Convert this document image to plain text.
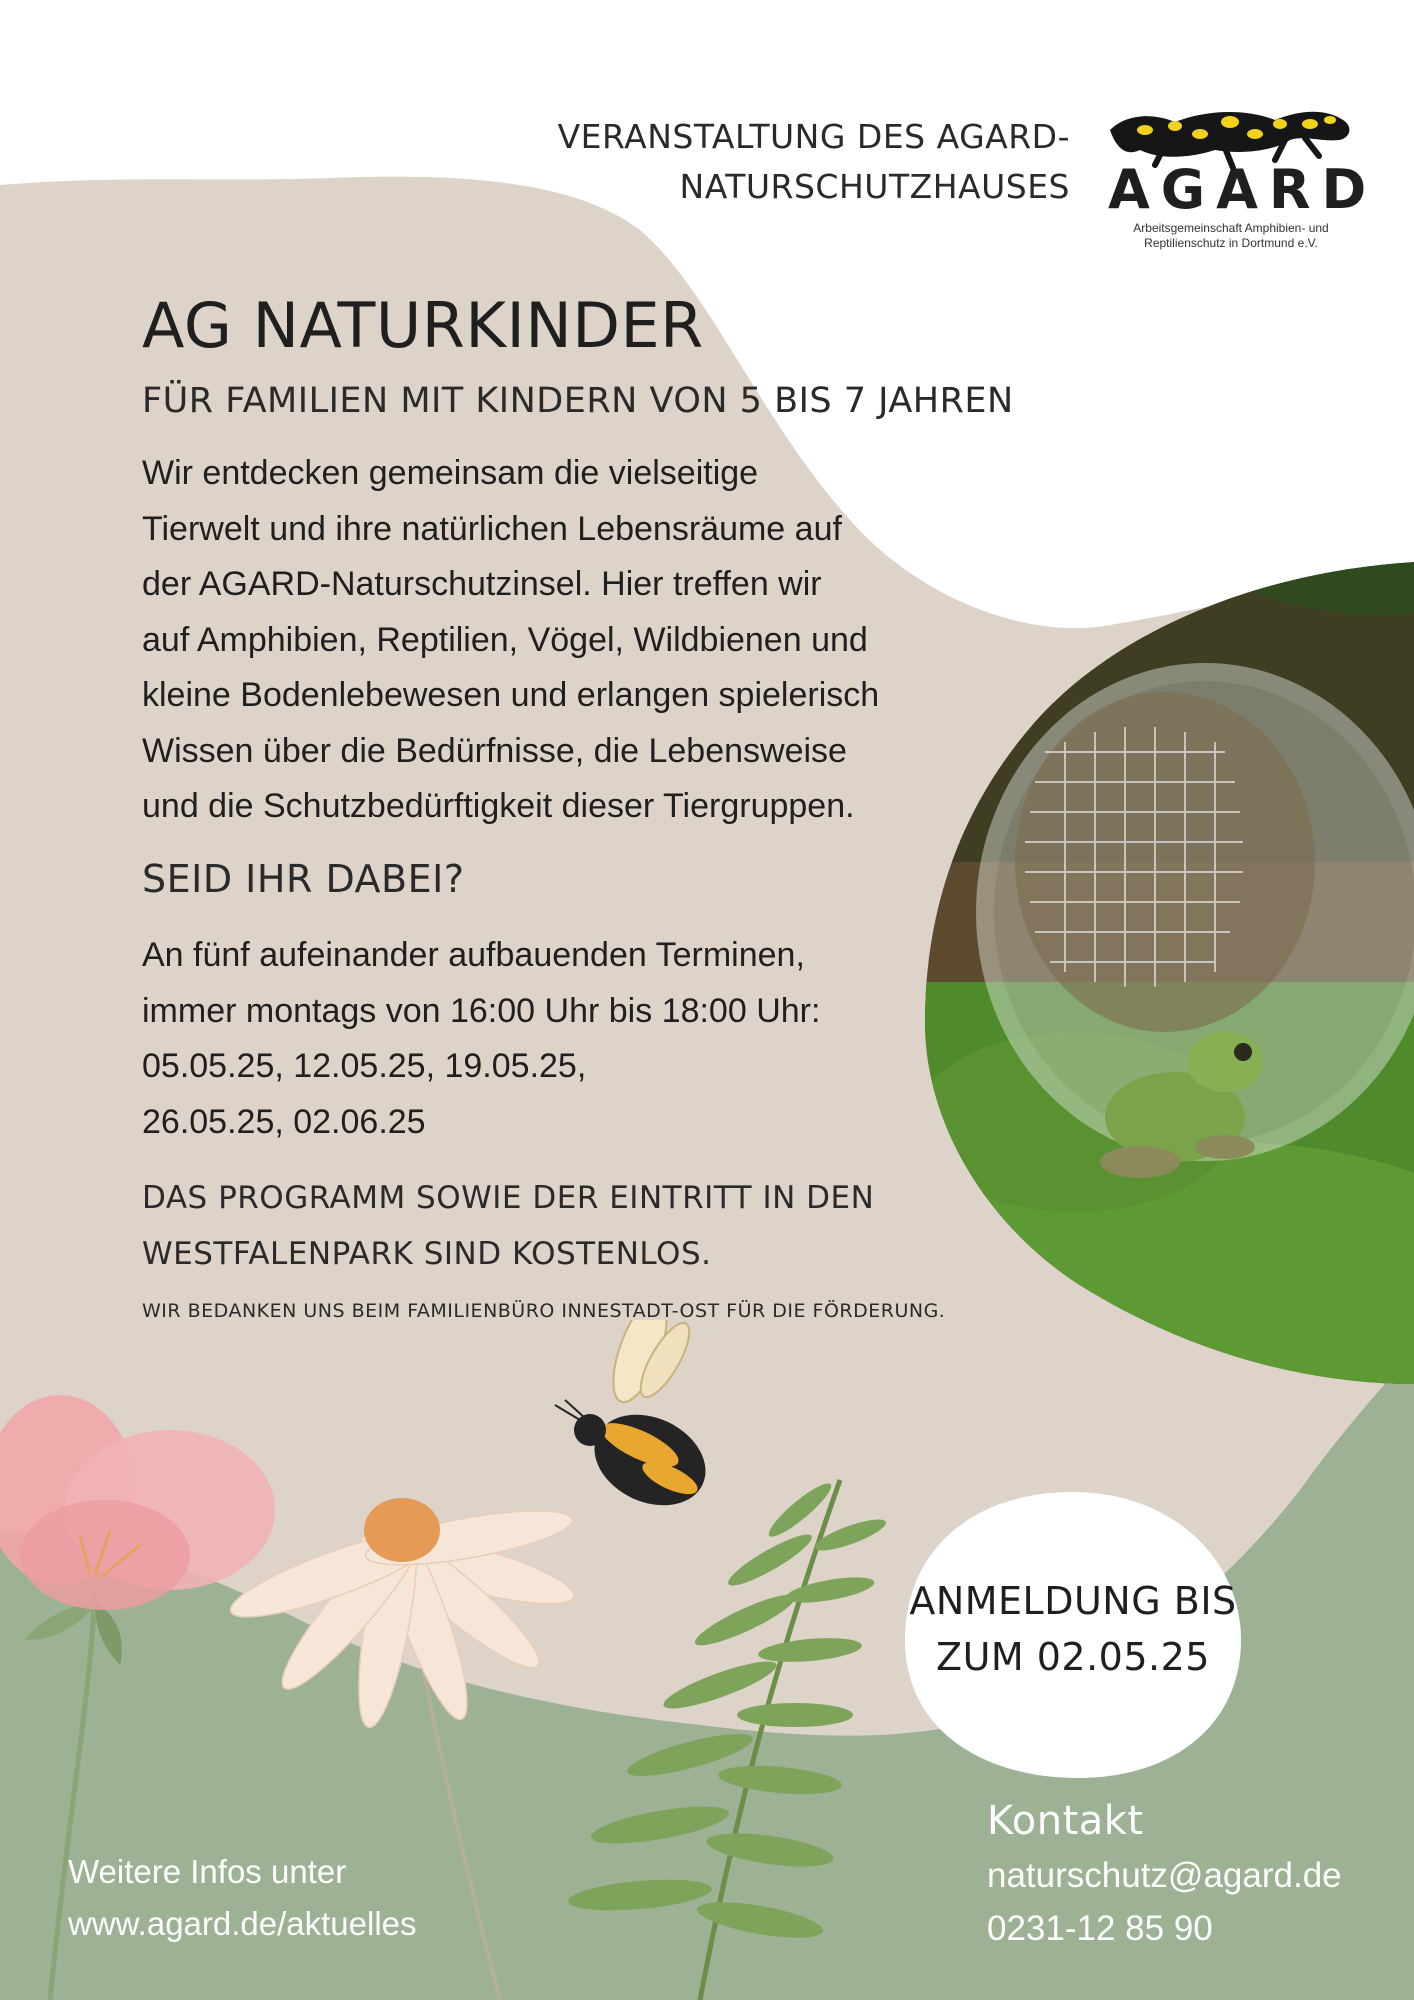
VERANSTALTUNG DES AGARD-
NATURSCHUTZHAUSES AGARD
Arbeitsgemeinschaft Amphibien- und
Reptilienschutz in Dortmund e.V.
AG NATURKINDER
FÜR FAMILIEN MIT KINDERN VON 5 BIS 7 JAHREN
Wir entdecken gemeinsam die vielseitige
Tierwelt und ihre natürlichen Lebensräume auf
der AGARD-Naturschutzinsel. Hier treffen wir
auf Amphibien, Reptilien, Vögel, Wildbienen und
kleine Bodenlebewesen und erlangen spielerisch
Wissen über die Bedürfnisse, die Lebensweise
und die Schutzbedürftigkeit dieser Tiergruppen.
SEID IHR DABEI?
An fünf aufeinander aufbauenden Terminen,
immer montags von 16:00 Uhr bis 18:00 Uhr:
05.05.25, 12.05.25, 19.05.25,
26.05.25, 02.06.25
DAS PROGRAMM SOWIE DER EINTRITT IN DEN
WESTFALENPARK SIND KOSTENLOS.
WIR BEDANKEN UNS BEIM FAMILIENBÜRO INNESTADT-OST FÜR DIE FÖRDERUNG.
ANMELDUNG BIS
ZUM 02.05.25
Weitere Infos unter
www.agard.de/aktuelles
Kontakt
naturschutz@agard.de
0231-12 85 90
